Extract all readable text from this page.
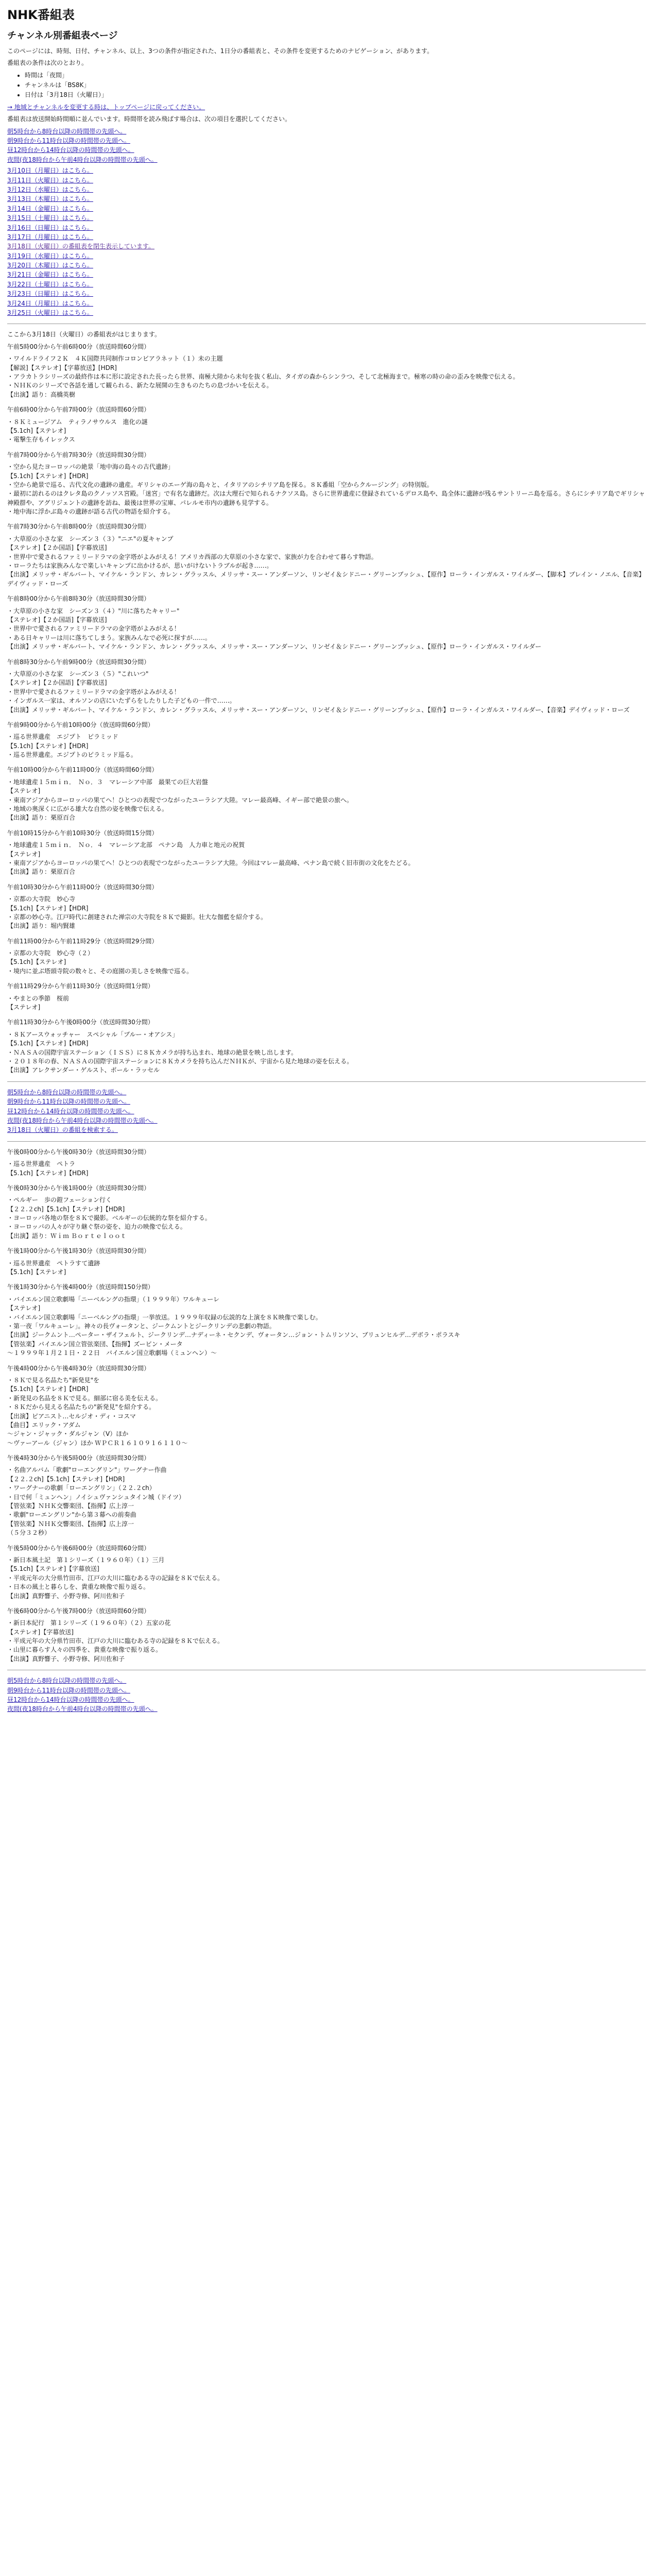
NHK番組表
チャンネル別番組表ページ

このページには、時刻、日付、チャンネル、以上、3つの条件が指定された、1日分の番組表と、その条件を変更するためのナビゲーション、があります。

番組表の条件は次のとおり。

• 時間は「夜間」
• チャンネルは「BS8K」
• 日付は「3月18日（火曜日）」

→ 地域とチャンネルを変更する時は、トップページに戻ってください。

番組表は放送開始時間順に並んでいます。時間帯を読み飛ばす場合は、次の項目を選択してください。

朝5時台から8時台以降の時間帯の先頭へ。
朝9時台から11時台以降の時間帯の先頭へ。
昼12時台から14時台以降の時間帯の先頭へ。
夜間(夜18時台から午前4時台以降の時間帯の先頭へ。
3月10日（月曜日）はこちら。
3月11日（火曜日）はこちら。
3月12日（水曜日）はこちら。
3月13日（木曜日）はこちら。
3月14日（金曜日）はこちら。
3月15日（土曜日）はこちら。
3月16日（日曜日）はこちら。
3月17日（月曜日）はこちら。
3月18日（火曜日）の番組表を閉生表示しています。
3月19日（水曜日）はこちら。
3月20日（木曜日）はこちら。
3月21日（金曜日）はこちら。
3月22日（土曜日）はこちら。
3月23日（日曜日）はこちら。
3月24日（月曜日）はこちら。
3月25日（火曜日）はこちら。

ここから3月18日（火曜日）の番組表がはじまります。

午前5時00分から午前6時00分（放送時間60分間）

・ワイルドライフ２Ｋ　４Ｋ国際共同制作コロンビアラネット（１）未の主題

【解説]【ステレオ]【字幕放送】[HDR]

・アラカトラシリーズの最終作は本に形に設定された長ったら世界、南極大陸から未句を抜く私山、タイガの森からシンラつ、そして北極海まで。極寒の時の命の歪みを映像で伝える。

・ＮＨＫのシリーズで各話を通して観られる、新たな展開の生きものたちの息づかいを伝える。

【出演】語り：高橋英樹

午前6時00分から午前7時00分（放送時間60分間）

・８Ｋミュージアム　ティラノサウルス　進化の謎

【5.1ch]【ステレオ]

・電撃生存もイレックス

午前7時00分から午前7時30分（放送時間30分間）

・空から見たヨーロッパの絶景「地中海の島々の古代遺跡」

【5.1ch]【ステレオ]【HDR]

・空から絶景で巡る、古代文化の遺跡の遺産。ギリシャのエーゲ海の島々と、イタリアのシチリア島を探る。８Ｋ番組「空からクルージング」の特別版。

・最初に訪れるのはクレタ島のクノッソス宮殿。「迷宮」で有名な遺跡だ。次は大理石で知られるナクソス島。さらに世界遺産に登録されているデロス島や、島全体に遺跡が残るサントリーニ島を巡る。さらにシチリア島でギリシャ神殿群や、アグリジェントの遺跡を訪ね、最後は世界の宝庫、パレルモ市内の遺跡も見学する。

・地中海に浮かぶ島々の遺跡が語る古代の物語を紹介する。

午前7時30分から午前8時00分（放送時間30分間）

・大草原の小さな家　シーズン３（３）"ニエ"の夏キャンプ

【ステレオ]【２か国語]【字幕放送]

・世界中で愛されるファミリードラマの金字塔がよみがえる！アメリカ西部の大草原の小さな家で、家族が力を合わせて暮らす物語。

・ローラたちは家族みんなで楽しいキャンプに出かけるが、思いがけないトラブルが起き……。

【出演】メリッサ・ギルバート、マイケル・ランドン、カレン・グラッスル、メリッサ・スー・アンダーソン、リンゼイ＆シドニー・グリーンブッシュ、【原作】ローラ・インガルス・ワイルダー、【脚本】ブレイン・ノエル、【音楽】デイヴィッド・ローズ

午前8時00分から午前8時30分（放送時間30分間）

・大草原の小さな家　シーズン３（４）"川に落ちたキャリー"

【ステレオ]【２か国語]【字幕放送]

・世界中で愛されるファミリードラマの金字塔がよみがえる！

・ある日キャリーは川に落ちてしまう。家族みんなで必死に探すが……。

【出演】メリッサ・ギルバート、マイケル・ランドン、カレン・グラッスル、メリッサ・スー・アンダーソン、リンゼイ＆シドニー・グリーンブッシュ、【原作】ローラ・インガルス・ワイルダー

午前8時30分から午前9時00分（放送時間30分間）

・大草原の小さな家　シーズン３（５）"これいつ"

【ステレオ]【２か国語]【字幕放送]

・世界中で愛されるファミリードラマの金字塔がよみがえる！

・インガルス一家は、オルソンの店にいたずらをしたりした子どもの一件で……。

【出演】メリッサ・ギルバート、マイケル・ランドン、カレン・グラッスル、メリッサ・スー・アンダーソン、リンゼイ＆シドニー・グリーンブッシュ、【原作】ローラ・インガルス・ワイルダー、【音楽】デイヴィッド・ローズ

午前9時00分から午前10時00分（放送時間60分間）

・巡る世界遺産　エジプト　ピラミッド

【5.1ch]【ステレオ]【HDR]

・巡る世界遺産。エジプトのピラミッド巡る。

午前10時00分から午前11時00分（放送時間60分間）

・地球遺産１５ｍｉｎ．　Ｎｏ．３　マレーシア中部　最果ての巨大岩盤

【ステレオ]

・東南アジアからヨーロッパの果てへ！ひとつの表現でつながったユーラシア大陸。マレー最高峰、イギー部で絶景の旅へ。

・地域の奥深くに広がる雄大な自然の姿を映像で伝える。

【出演】語り：栗原百合

午前10時15分から午前10時30分（放送時間15分間）

・地球遺産１５ｍｉｎ．　Ｎｏ．４　マレーシア北部　ペナン島　人力車と地元の祝賀

【ステレオ]

・東南アジアからヨーロッパの果てへ！ひとつの表現でつながったユーラシア大陸。今回はマレー最高峰、ペナン島で続く旧市街の文化をたどる。

【出演】語り：栗原百合

午前10時30分から午前11時00分（放送時間30分間）

・京都の大寺院　妙心寺

【5.1ch]【ステレオ]【HDR]

・京都の妙心寺。江戸時代に創建された禅宗の大寺院を８Ｋで撮影。壮大な伽藍を紹介する。

【出演】語り：堀内賢雄

午前11時00分から午前11時29分（放送時間29分間）

・京都の大寺院　妙心寺（２）

【5.1ch]【ステレオ]

・境内に並ぶ塔頭寺院の数々と、その庭園の美しさを映像で巡る。

午前11時29分から午前11時30分（放送時間1分間）

・やまとの季節　桜前

【ステレオ]

午前11時30分から午後0時00分（放送時間30分間）

・８Ｋアースウォッチャー　スペシャル「ブルー・オアシス」

【5.1ch]【ステレオ]【HDR]

・ＮＡＳＡの国際宇宙ステーション（ＩＳＳ）に８Ｋカメラが持ち込まれ、地球の絶景を映し出します。

・２０１８年の春、ＮＡＳＡの国際宇宙ステーションに８Ｋカメラを持ち込んだＮＨＫが、宇宙から見た地球の姿を伝える。

【出演】アレクサンダー・ゲルスト、ポール・ラッセル

朝5時台から8時台以降の時間帯の先頭へ。
朝9時台から11時台以降の時間帯の先頭へ。
昼12時台から14時台以降の時間帯の先頭へ。
夜間(夜18時台から午前4時台以降の時間帯の先頭へ。
3月18日（火曜日）の番組を検索する。

午後0時00分から午後0時30分（放送時間30分間）

・巡る世界遺産　ペトラ

【5.1ch]【ステレオ]【HDR]

午後0時30分から午後1時00分（放送時間30分間）

・ペルギー　歩の鎧フェーション行く

【２２.２ch]【5.1ch]【ステレオ]【HDR]

・ヨーロッパ各地の祭を８Ｋで撮影。ベルギーの伝統的な祭を紹介する。

・ヨーロッパの人々が守り継ぐ祭の姿を、迫力の映像で伝える。

【出演】語り：Ｗｉｍ Ｂｏｒｔｅｌｏｏｔ

午後1時00分から午後1時30分（放送時間30分間）

・巡る世界遺産　ペトラすて遺跡

【5.1ch]【ステレオ]

午後1時30分から午後4時00分（放送時間150分間）

・バイエルン国立歌劇場「ニーベルングの指環」（１９９９年）ワルキューレ

【ステレオ]

・バイエルン国立歌劇場「ニーベルングの指環」一挙放送。１９９９年収録の伝説的な上演を８Ｋ映像で楽しむ。

・第一夜「ワルキューレ」。神々の長ヴォータンと、ジークムントとジークリンデの悲劇の物語。

【出演】ジークムント…ペーター・ザイフェルト、ジークリンデ…ナディーネ・セクンデ、ヴォータン…ジョン・トムリンソン、ブリュンヒルデ…デボラ・ポラスキ

【管弦楽】バイエルン国立管弦楽団、【指揮】ズービン・メータ

～１９９９年１月２１日・２２日　バイエルン国立歌劇場（ミュンヘン）～

午後4時00分から午後4時30分（放送時間30分間）

・８Ｋで見る名品たち"新発見"を

【5.1ch]【ステレオ]【HDR]

・新発見の名品を８Ｋで見る。細部に宿る美を伝える。

・８Ｋだから見える名品たちの"新発見"を紹介する。

【出演】ピアニスト…セルジオ・ディ・コスマ

【曲目】エリック・アダム

～ジャン・ジャック・ダルジャン（V）ほか

～ヴァーアール（ジャン）ほか ＷＰＣＲ１６１０９１６１１０～

午後4時30分から午後5時00分（放送時間30分間）

・名曲アルバム「歌劇"ローエングリン"」ワーグナー作曲

【２２.２ch]【5.1ch]【ステレオ]【HDR]

・ワーグナーの歌劇「ローエングリン」（２２.２ch）

・日で何「ミュンヘン」ノイシュヴァンシュタイン城（ドイツ）

【管弦楽】ＮＨＫ交響楽団、【指揮】広上淳一

・歌劇"ローエングリン"から第３幕への前奏曲

【管弦楽】ＮＨＫ交響楽団、【指揮】広上淳一

（５分３２秒）

午後5時00分から午後6時00分（放送時間60分間）

・新日本風土記　第１シリーズ（１９６０年）（１）三月

【5.1ch]【ステレオ]【字幕放送]

・平成元年の大分県竹田市、江戸の大川に臨むある寺の記録を８Ｋで伝える。

・日本の風土と暮らしを、貴重な映像で振り返る。

【出演】真野響子、小野寺修、阿川佐和子

午後6時00分から午後7時00分（放送時間60分間）

・新日本紀行　第１シリーズ（１９６０年）（２）五家の花

【ステレオ]【字幕放送]

・平成元年の大分県竹田市、江戸の大川に臨むある寺の記録を８Ｋで伝える。

・山里に暮らす人々の四季を、貴重な映像で振り返る。

【出演】真野響子、小野寺修、阿川佐和子

朝5時台から8時台以降の時間帯の先頭へ。
朝9時台から11時台以降の時間帯の先頭へ。
昼12時台から14時台以降の時間帯の先頭へ。
夜間(夜18時台から午前4時台以降の時間帯の先頭へ。
